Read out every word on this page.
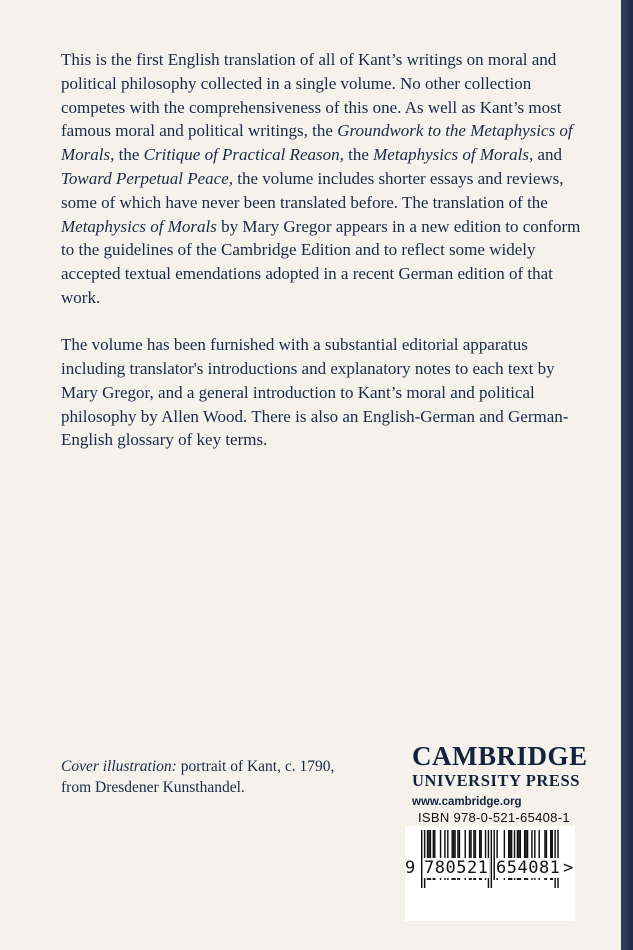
This is the first English translation of all of Kant’s writings on moral and political philosophy collected in a single volume. No other collection competes with the comprehensiveness of this one. As well as Kant’s most famous moral and political writings, the Groundwork to the Metaphysics of Morals, the Critique of Practical Reason, the Metaphysics of Morals, and Toward Perpetual Peace, the volume includes shorter essays and reviews, some of which have never been translated before. The translation of the Metaphysics of Morals by Mary Gregor appears in a new edition to conform to the guidelines of the Cambridge Edition and to reflect some widely accepted textual emendations adopted in a recent German edition of that work.

The volume has been furnished with a substantial editorial apparatus including translator's introductions and explanatory notes to each text by Mary Gregor, and a general introduction to Kant’s moral and political philosophy by Allen Wood. There is also an English-German and German-English glossary of key terms.

Cover illustration: portrait of Kant, c. 1790, from Dresdener Kunsthandel.
CAMBRIDGE
UNIVERSITY PRESS
www.cambridge.org
ISBN 978-0-521-65408-1
9 780521 654081 >
